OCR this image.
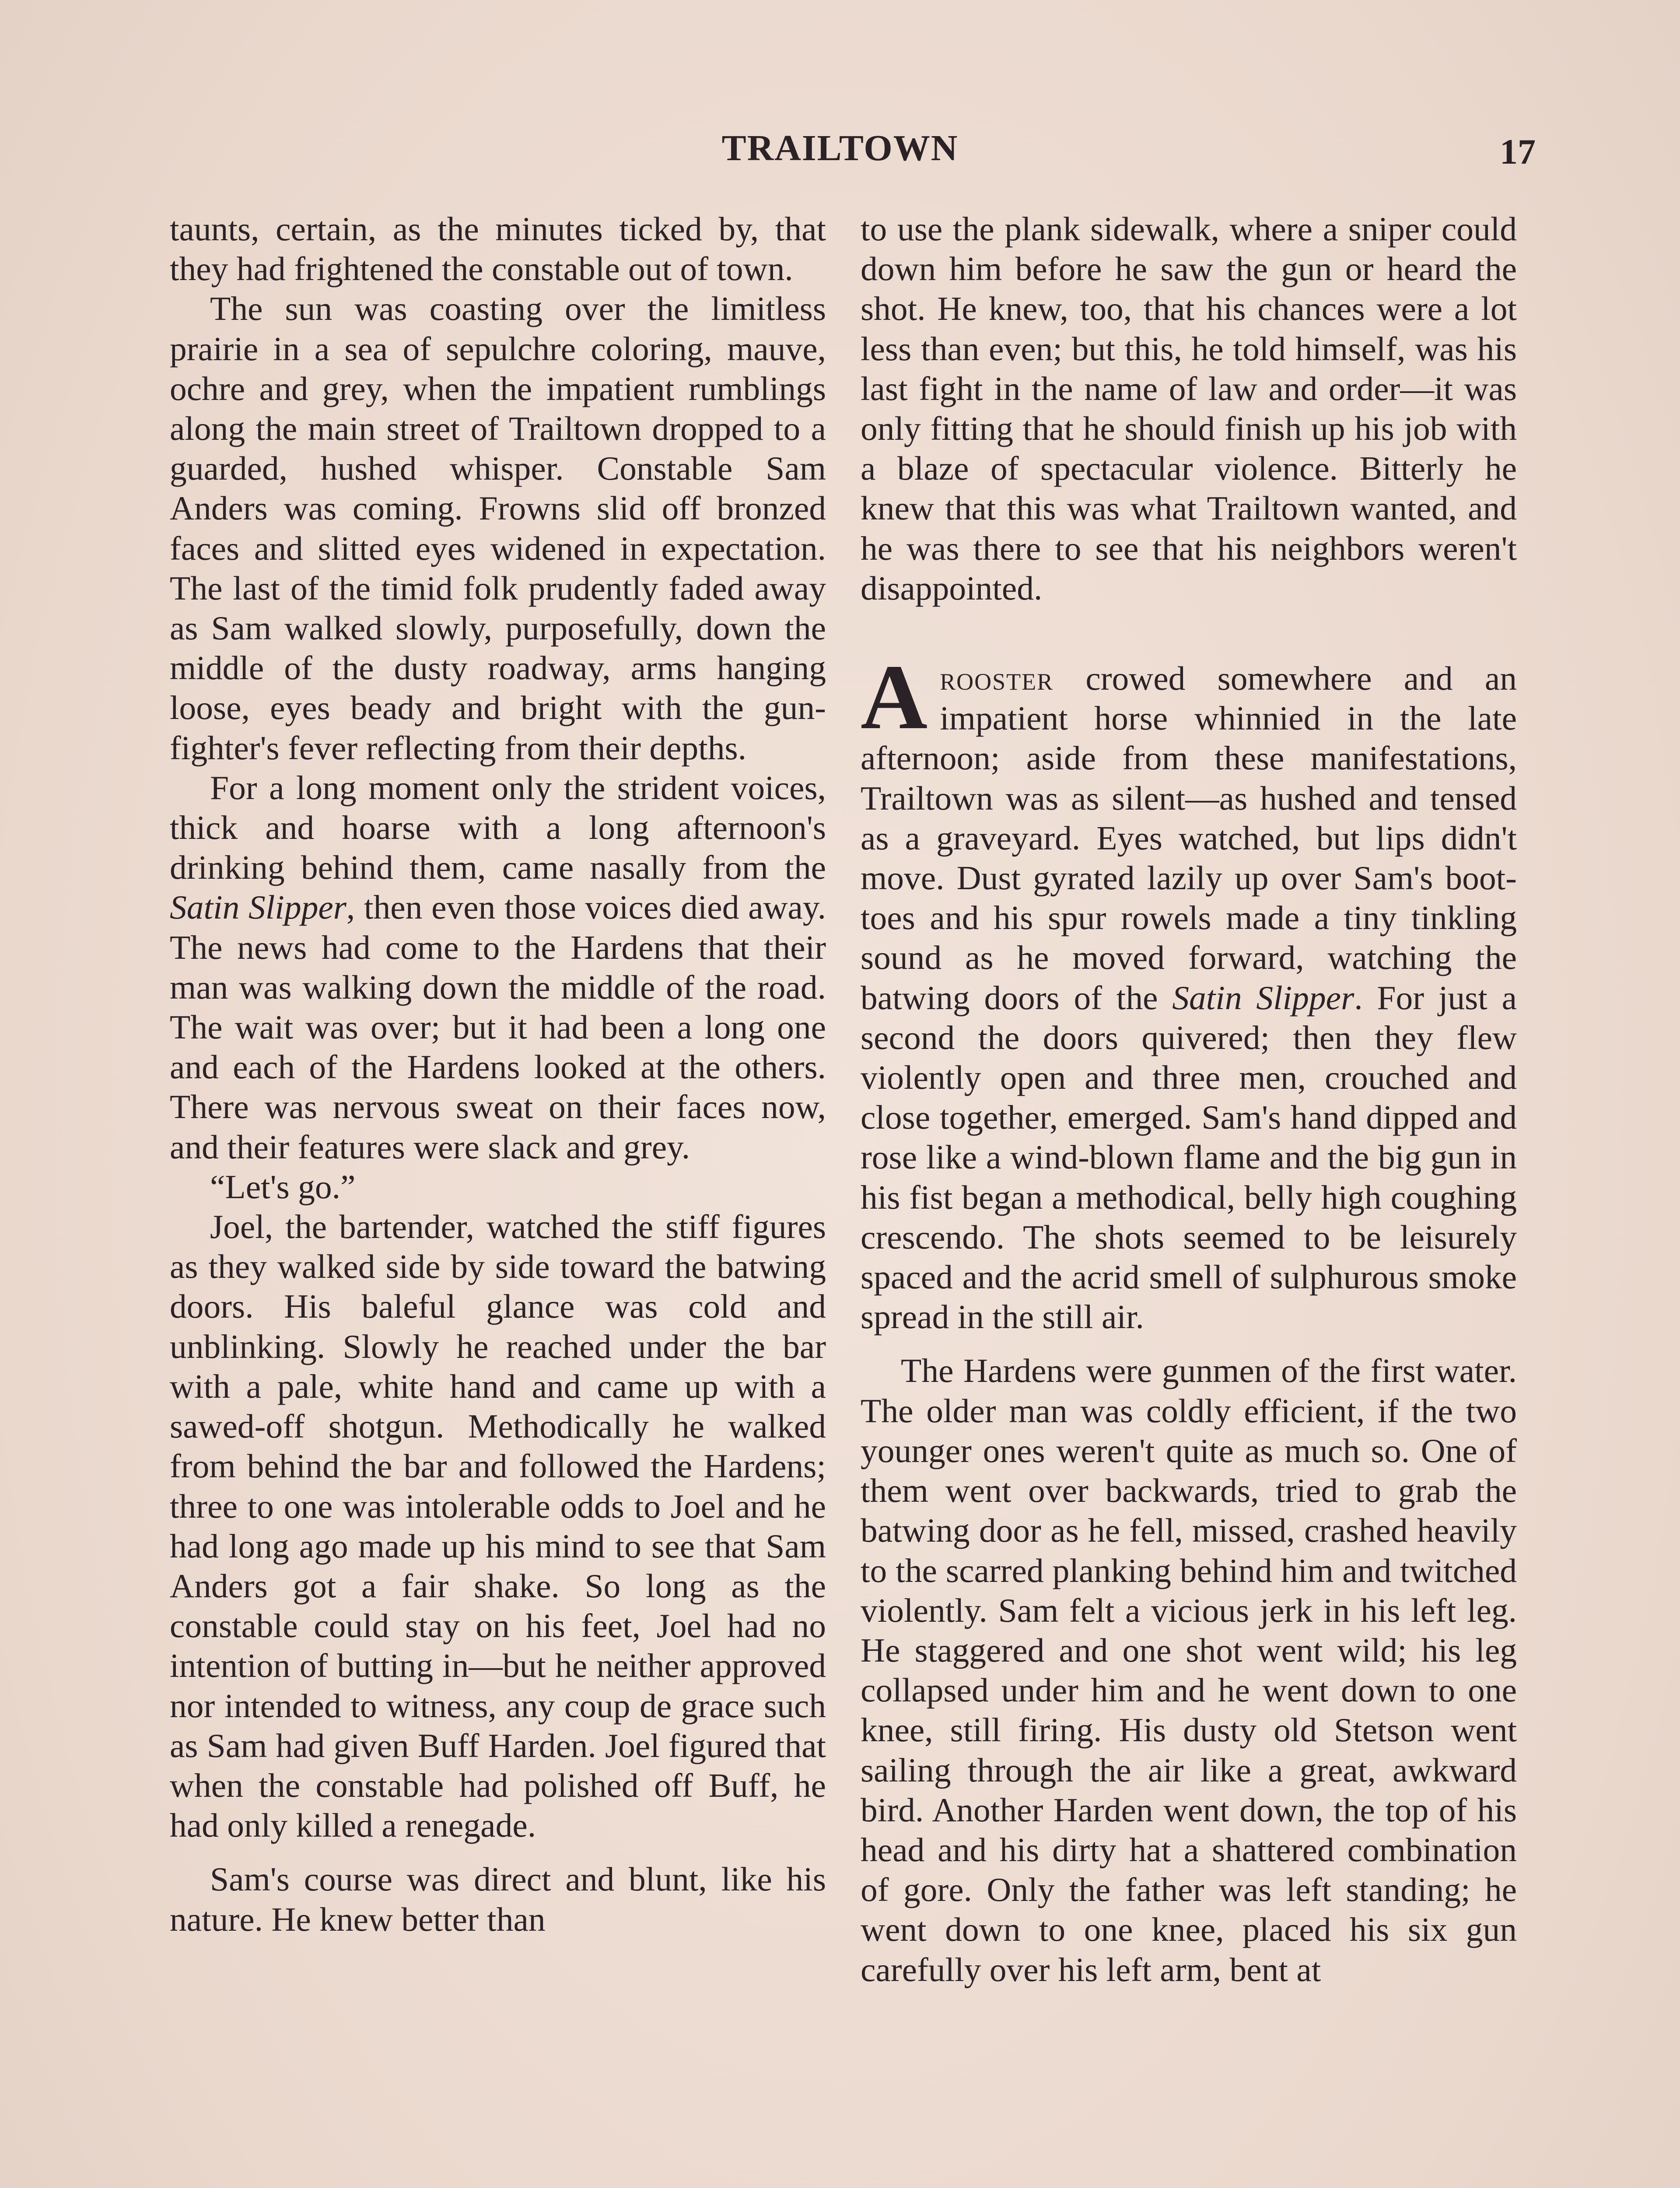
TRAILTOWN	17

taunts, certain, as the minutes ticked by, that they had frightened the constable out of town.

The sun was coasting over the limitless prairie in a sea of sepulchre coloring, mauve, ochre and grey, when the impatient rumblings along the main street of Trailtown dropped to a guarded, hushed whisper. Constable Sam Anders was coming. Frowns slid off bronzed faces and slitted eyes widened in expectation. The last of the timid folk prudently faded away as Sam walked slowly, purposefully, down the middle of the dusty roadway, arms hanging loose, eyes beady and bright with the gun-fighter's fever reflecting from their depths.

For a long moment only the strident voices, thick and hoarse with a long afternoon's drinking behind them, came nasally from the Satin Slipper, then even those voices died away. The news had come to the Hardens that their man was walking down the middle of the road. The wait was over; but it had been a long one and each of the Hardens looked at the others. There was nervous sweat on their faces now, and their features were slack and grey.

“Let's go.”

Joel, the bartender, watched the stiff figures as they walked side by side toward the batwing doors. His baleful glance was cold and unblinking. Slowly he reached under the bar with a pale, white hand and came up with a sawed-off shotgun. Methodically he walked from behind the bar and followed the Hardens; three to one was intolerable odds to Joel and he had long ago made up his mind to see that Sam Anders got a fair shake. So long as the constable could stay on his feet, Joel had no intention of butting in—but he neither approved nor intended to witness, any coup de grace such as Sam had given Buff Harden. Joel figured that when the constable had polished off Buff, he had only killed a renegade.

Sam's course was direct and blunt, like his nature. He knew better than

to use the plank sidewalk, where a sniper could down him before he saw the gun or heard the shot. He knew, too, that his chances were a lot less than even; but this, he told himself, was his last fight in the name of law and order—it was only fitting that he should finish up his job with a blaze of spectacular violence. Bitterly he knew that this was what Trailtown wanted, and he was there to see that his neighbors weren't disappointed.

Arooster crowed somewhere and an impatient horse whinnied in the late afternoon; aside from these manifestations, Trailtown was as silent—as hushed and tensed as a graveyard. Eyes watched, but lips didn't move. Dust gyrated lazily up over Sam's boot-toes and his spur rowels made a tiny tinkling sound as he moved forward, watching the batwing doors of the Satin Slipper. For just a second the doors quivered; then they flew violently open and three men, crouched and close together, emerged. Sam's hand dipped and rose like a wind-blown flame and the big gun in his fist began a methodical, belly high coughing crescendo. The shots seemed to be leisurely spaced and the acrid smell of sulphurous smoke spread in the still air.

The Hardens were gunmen of the first water. The older man was coldly efficient, if the two younger ones weren't quite as much so. One of them went over backwards, tried to grab the batwing door as he fell, missed, crashed heavily to the scarred planking behind him and twitched violently. Sam felt a vicious jerk in his left leg. He staggered and one shot went wild; his leg collapsed under him and he went down to one knee, still firing. His dusty old Stetson went sailing through the air like a great, awkward bird. Another Harden went down, the top of his head and his dirty hat a shattered combination of gore. Only the father was left standing; he went down to one knee, placed his six gun carefully over his left arm, bent at
